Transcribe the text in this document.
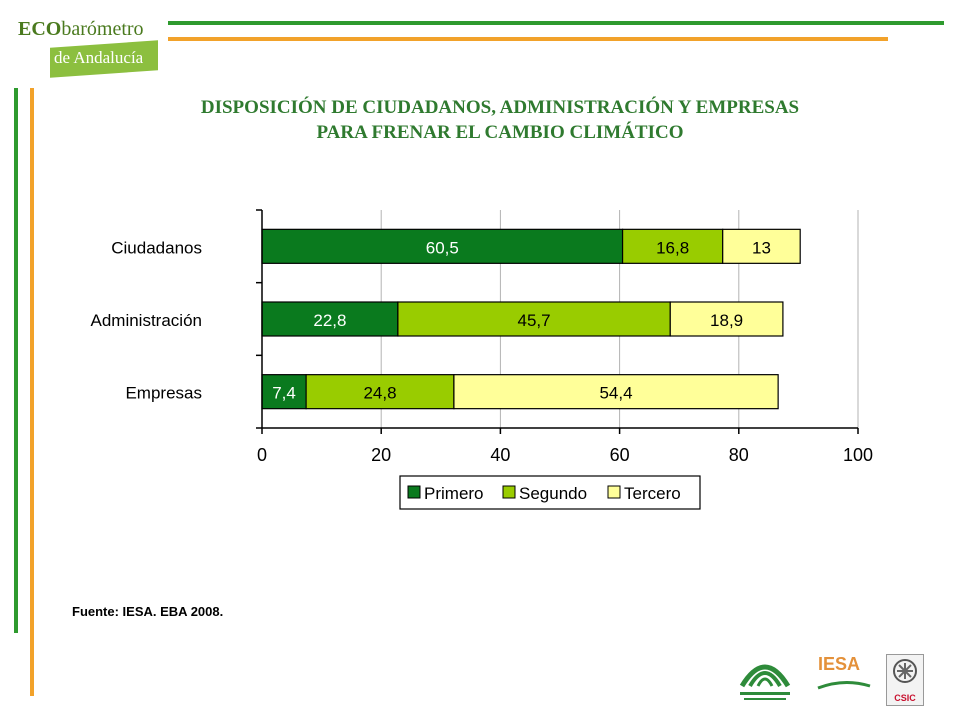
ECObarómetro
de Andalucía
DISPOSICIÓN DE CIUDADANOS, ADMINISTRACIÓN Y EMPRESAS
PARA FRENAR EL CAMBIO CLIMÁTICO
60,5	16,8	13
Ciudadanos
22,8	45,7	18,9
Administración
7,4	24,8	54,4
Empresas
0	20	40	60	80	100
Primero Segundo Tercero
Fuente: IESA. EBA 2008.
IESA
CSIC
